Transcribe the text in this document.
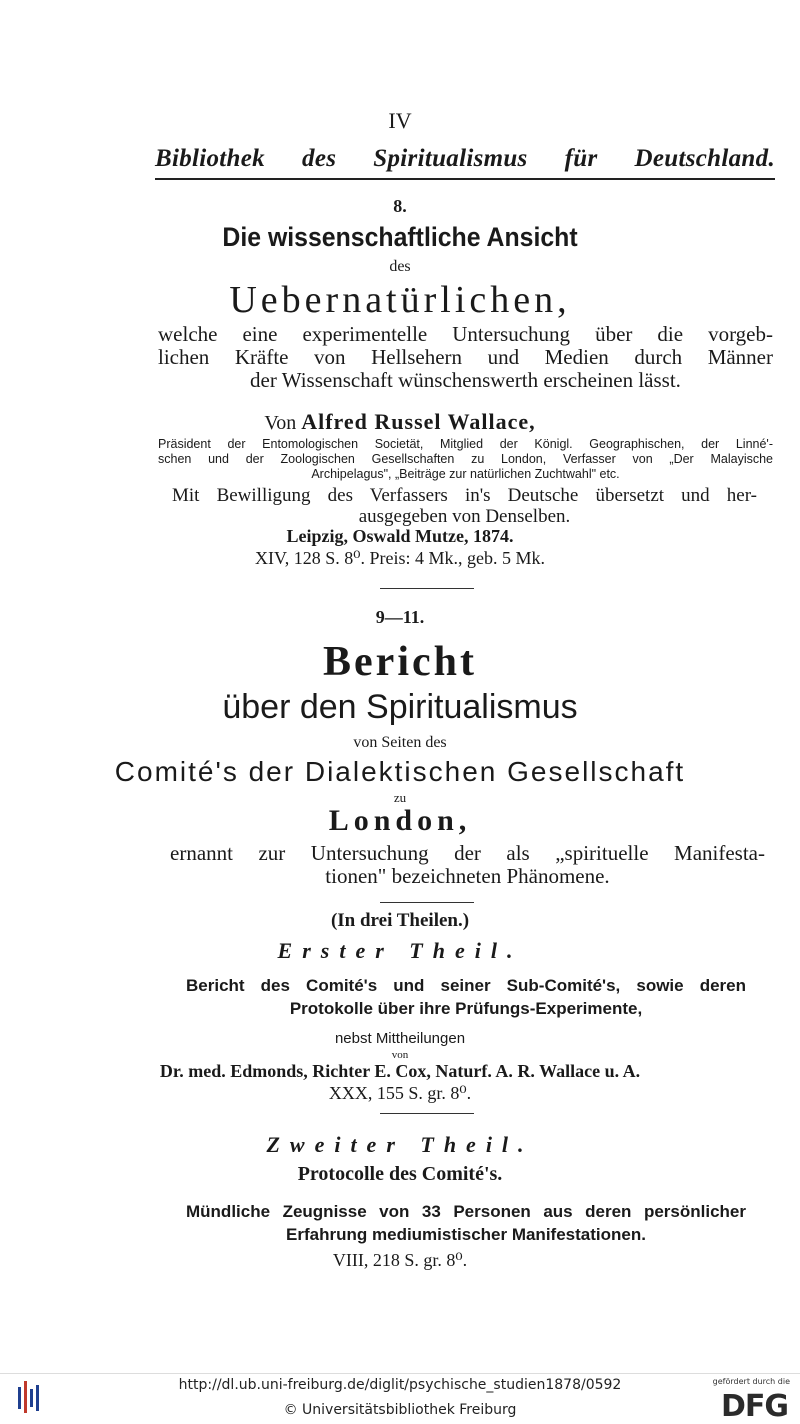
IV
Bibliothek des Spiritualismus für Deutschland.
8.
Die wissenschaftliche Ansicht
des
Uebernatürlichen,
welche eine experimentelle Untersuchung über die vorgeb-
lichen Kräfte von Hellsehern und Medien durch Männer
der Wissenschaft wünschenswerth erscheinen lässt.
Von Alfred Russel Wallace,
Präsident der Entomologischen Societät, Mitglied der Königl. Geographischen, der Linné'-
schen und der Zoologischen Gesellschaften zu London, Verfasser von „Der Malayische
Archipelagus", „Beiträge zur natürlichen Zuchtwahl" etc.
Mit Bewilligung des Verfassers in's Deutsche übersetzt und her-
ausgegeben von Denselben.
Leipzig, Oswald Mutze, 1874.
XIV, 128 S. 8⁰. Preis: 4 Mk., geb. 5 Mk.
9—11.
Bericht
über den Spiritualismus
von Seiten des
Comité's der Dialektischen Gesellschaft
zu
London,
ernannt zur Untersuchung der als „spirituelle Manifesta-
tionen" bezeichneten Phänomene.
(In drei Theilen.)
Erster Theil.
Bericht des Comité's und seiner Sub-Comité's, sowie deren
Protokolle über ihre Prüfungs-Experimente,
nebst Mittheilungen
von
Dr. med. Edmonds, Richter E. Cox, Naturf. A. R. Wallace u. A.
XXX, 155 S. gr. 8⁰.
Zweiter Theil.
Protocolle des Comité's.
Mündliche Zeugnisse von 33 Personen aus deren persönlicher
Erfahrung mediumistischer Manifestationen.
VIII, 218 S. gr. 8⁰.
http://dl.ub.uni-freiburg.de/diglit/psychische_studien1878/0592
© Universitätsbibliothek Freiburg
gefördert durch die
DFG
